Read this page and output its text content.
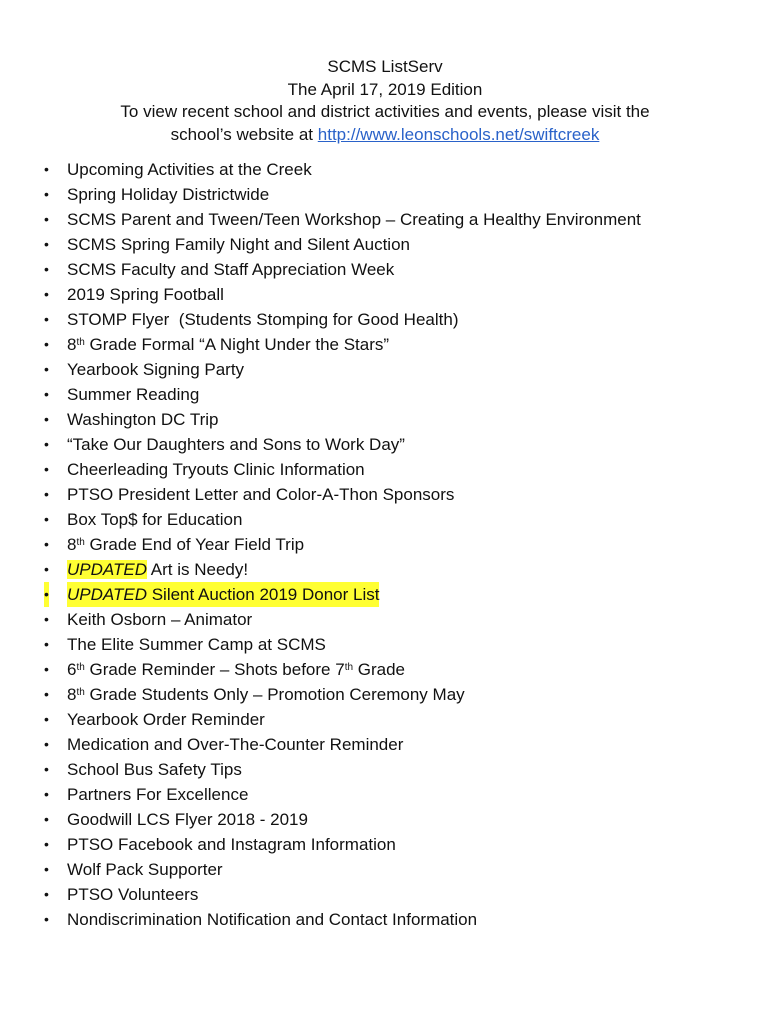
SCMS ListServ
The April 17, 2019 Edition
To view recent school and district activities and events, please visit the
school’s website at http://www.leonschools.net/swiftcreek
• Upcoming Activities at the Creek
• Spring Holiday Districtwide
• SCMS Parent and Tween/Teen Workshop – Creating a Healthy Environment
• SCMS Spring Family Night and Silent Auction
• SCMS Faculty and Staff Appreciation Week
• 2019 Spring Football
• STOMP Flyer  (Students Stomping for Good Health)
• 8th Grade Formal “A Night Under the Stars”
• Yearbook Signing Party
• Summer Reading
• Washington DC Trip
• “Take Our Daughters and Sons to Work Day”
• Cheerleading Tryouts Clinic Information
• PTSO President Letter and Color-A-Thon Sponsors
• Box Top$ for Education
• 8th Grade End of Year Field Trip
• UPDATED Art is Needy!
• UPDATED Silent Auction 2019 Donor List
• Keith Osborn – Animator
• The Elite Summer Camp at SCMS
• 6th Grade Reminder – Shots before 7th Grade
• 8th Grade Students Only – Promotion Ceremony May
• Yearbook Order Reminder
• Medication and Over-The-Counter Reminder
• School Bus Safety Tips
• Partners For Excellence
• Goodwill LCS Flyer 2018 - 2019
• PTSO Facebook and Instagram Information
• Wolf Pack Supporter
• PTSO Volunteers
• Nondiscrimination Notification and Contact Information
